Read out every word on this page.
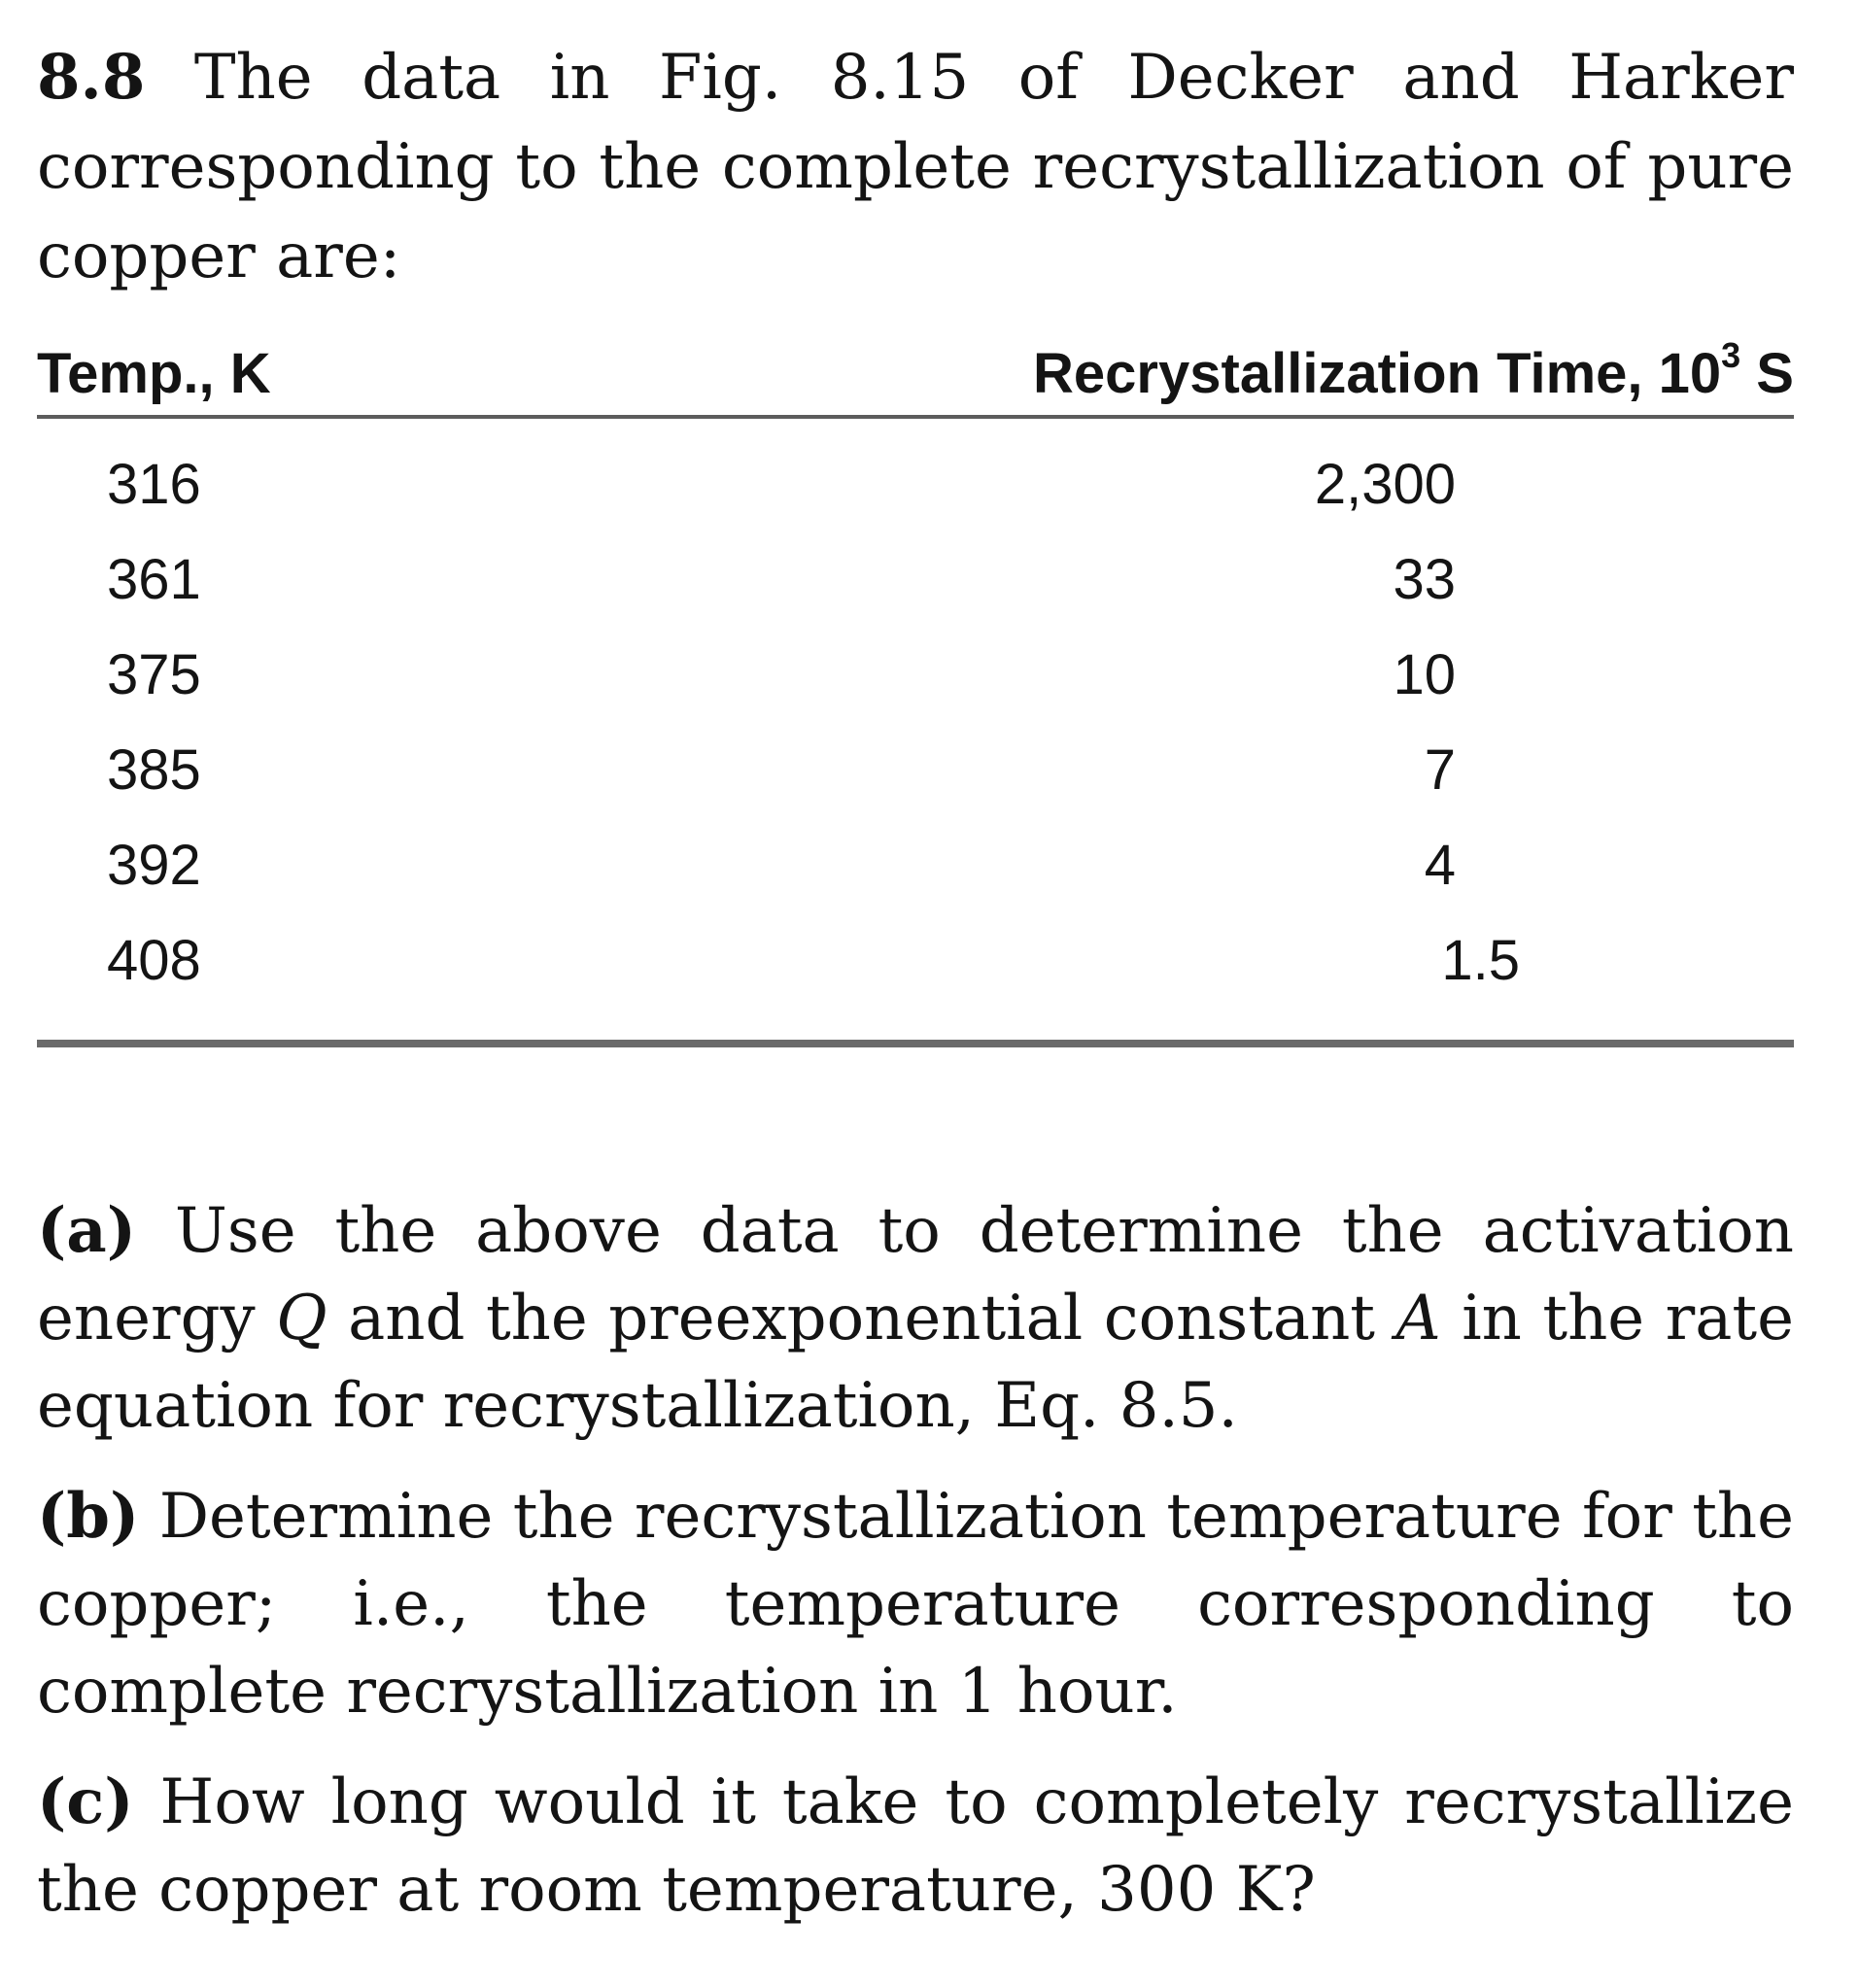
8.8 The data in Fig. 8.15 of Decker and Harker corresponding to the complete recrystallization of pure copper are:

Temp., K	Recrystallization Time, $10^3$ S
316	2,300
361	33
375	10
385	7
392	4
408	1.5

(a) Use the above data to determine the activation energy Q and the preexponential constant A in the rate equation for recrystallization, Eq. 8.5.

(b) Determine the recrystallization temperature for the copper; i.e., the temperature corresponding to complete recrystallization in 1 hour.

(c) How long would it take to completely recrystallize the copper at room temperature, 300 K?
